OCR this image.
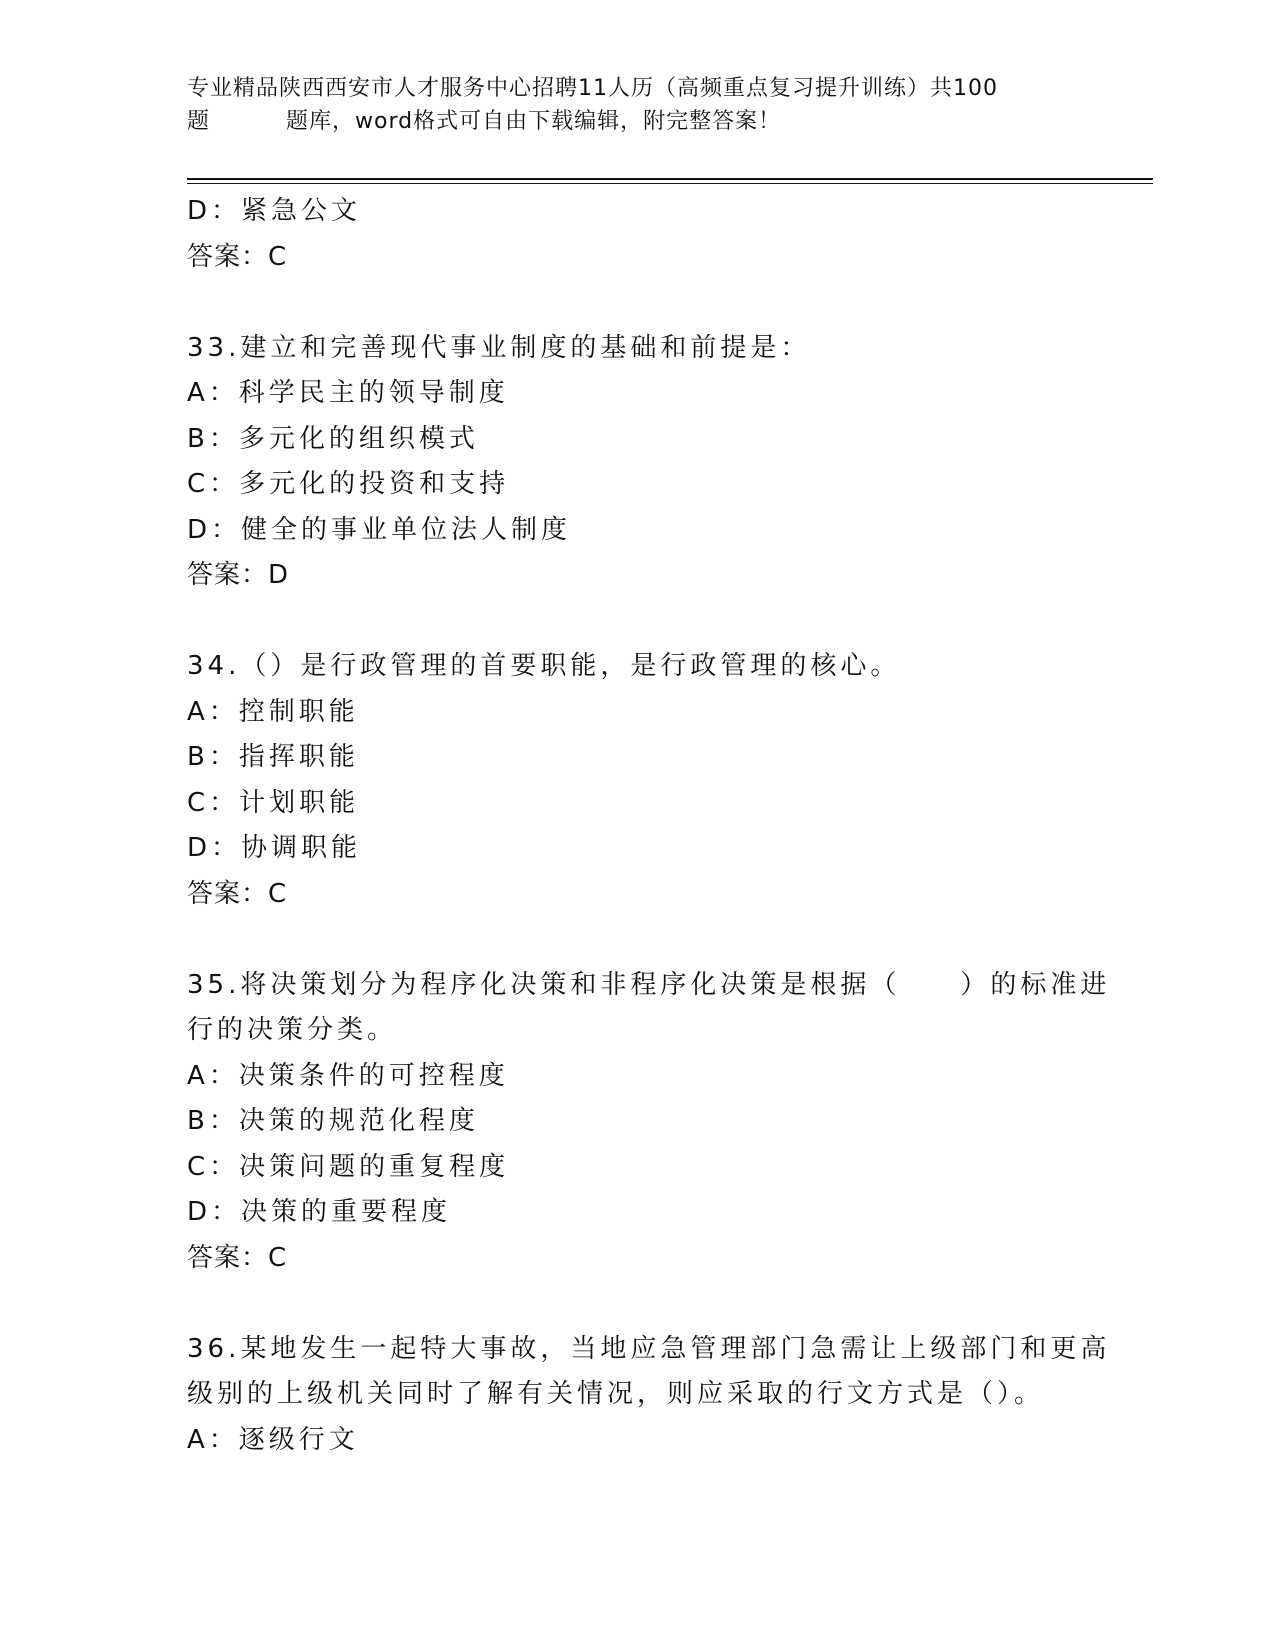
专业精品陕西西安市人才服务中心招聘11人历（高频重点复习提升训练）共100
题	题库，word格式可自由下载编辑，附完整答案！

D：紧急公文

答案：C

33.建立和完善现代事业制度的基础和前提是：

A：科学民主的领导制度

B：多元化的组织模式

C：多元化的投资和支持

D：健全的事业单位法人制度

答案：D

34.（）是行政管理的首要职能，是行政管理的核心。

A：控制职能

B：指挥职能

C：计划职能

D：协调职能

答案：C

35.将决策划分为程序化决策和非程序化决策是根据（　　）的标准进

行的决策分类。

A：决策条件的可控程度

B：决策的规范化程度

C：决策问题的重复程度

D：决策的重要程度

答案：C

36.某地发生一起特大事故，当地应急管理部门急需让上级部门和更高

级别的上级机关同时了解有关情况，则应采取的行文方式是（）。

A：逐级行文
